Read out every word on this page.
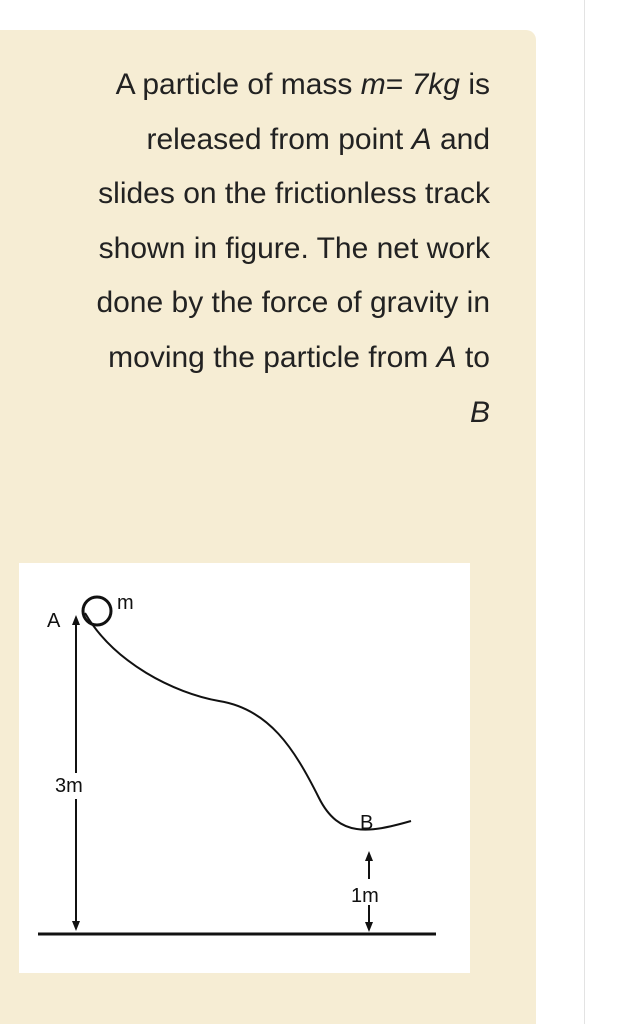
A particle of mass m= 7kg is
released from point A and
slides on the frictionless track
shown in figure. The net work
done by the force of gravity in
moving the particle from A to
B

A
m
3m
B
1m
